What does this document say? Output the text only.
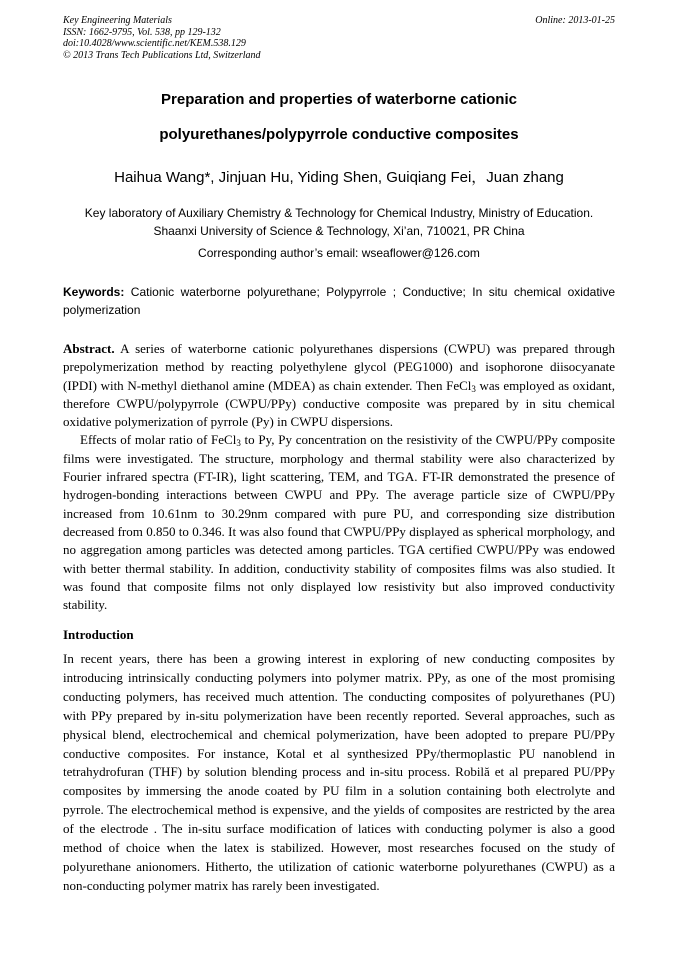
Key Engineering Materials
ISSN: 1662-9795, Vol. 538, pp 129-132
doi:10.4028/www.scientific.net/KEM.538.129
© 2013 Trans Tech Publications Ltd, Switzerland
Online: 2013-01-25
Preparation and properties of waterborne cationic
polyurethanes/polypyrrole conductive composites
Haihua Wang*, Jinjuan Hu, Yiding Shen, Guiqiang Fei，Juan zhang
Key laboratory of Auxiliary Chemistry & Technology for Chemical Industry, Ministry of Education.
Shaanxi University of Science & Technology, Xi’an, 710021, PR China
Corresponding author’s email: wseaflower@126.com
Keywords: Cationic waterborne polyurethane; Polypyrrole ; Conductive; In situ chemical oxidative polymerization

Abstract. A series of waterborne cationic polyurethanes dispersions (CWPU) was prepared through prepolymerization method by reacting polyethylene glycol (PEG1000) and isophorone diisocyanate (IPDI) with N-methyl diethanol amine (MDEA) as chain extender. Then FeCl$_3$ was employed as oxidant, therefore CWPU/polypyrrole (CWPU/PPy) conductive composite was prepared by in situ chemical oxidative polymerization of pyrrole (Py) in CWPU dispersions.

Effects of molar ratio of FeCl$_3$ to Py, Py concentration on the resistivity of the CWPU/PPy composite films were investigated. The structure, morphology and thermal stability were also characterized by Fourier infrared spectra (FT-IR), light scattering, TEM, and TGA. FT-IR demonstrated the presence of hydrogen-bonding interactions between CWPU and PPy. The average particle size of CWPU/PPy increased from 10.61nm to 30.29nm compared with pure PU, and corresponding size distribution decreased from 0.850 to 0.346. It was also found that CWPU/PPy displayed as spherical morphology, and no aggregation among particles was detected among particles. TGA certified CWPU/PPy was endowed with better thermal stability. In addition, conductivity stability of composites films was also studied. It was found that composite films not only displayed low resistivity but also improved conductivity stability.

Introduction

In recent years, there has been a growing interest in exploring of new conducting composites by introducing intrinsically conducting polymers into polymer matrix. PPy, as one of the most promising conducting polymers, has received much attention. The conducting composites of polyurethanes (PU) with PPy prepared by in-situ polymerization have been recently reported. Several approaches, such as physical blend, electrochemical and chemical polymerization, have been adopted to prepare PU/PPy conductive composites. For instance, Kotal et al synthesized PPy/thermoplastic PU nanoblend in tetrahydrofuran (THF) by solution blending process and in-situ process. Robilă et al prepared PU/PPy composites by immersing the anode coated by PU film in a solution containing both electrolyte and pyrrole. The electrochemical method is expensive, and the yields of composites are restricted by the area of the electrode . The in-situ surface modification of latices with conducting polymer is also a good method of choice when the latex is stabilized. However, most researches focused on the study of polyurethane anionomers. Hitherto, the utilization of cationic waterborne polyurethanes (CWPU) as a non-conducting polymer matrix has rarely been investigated.
